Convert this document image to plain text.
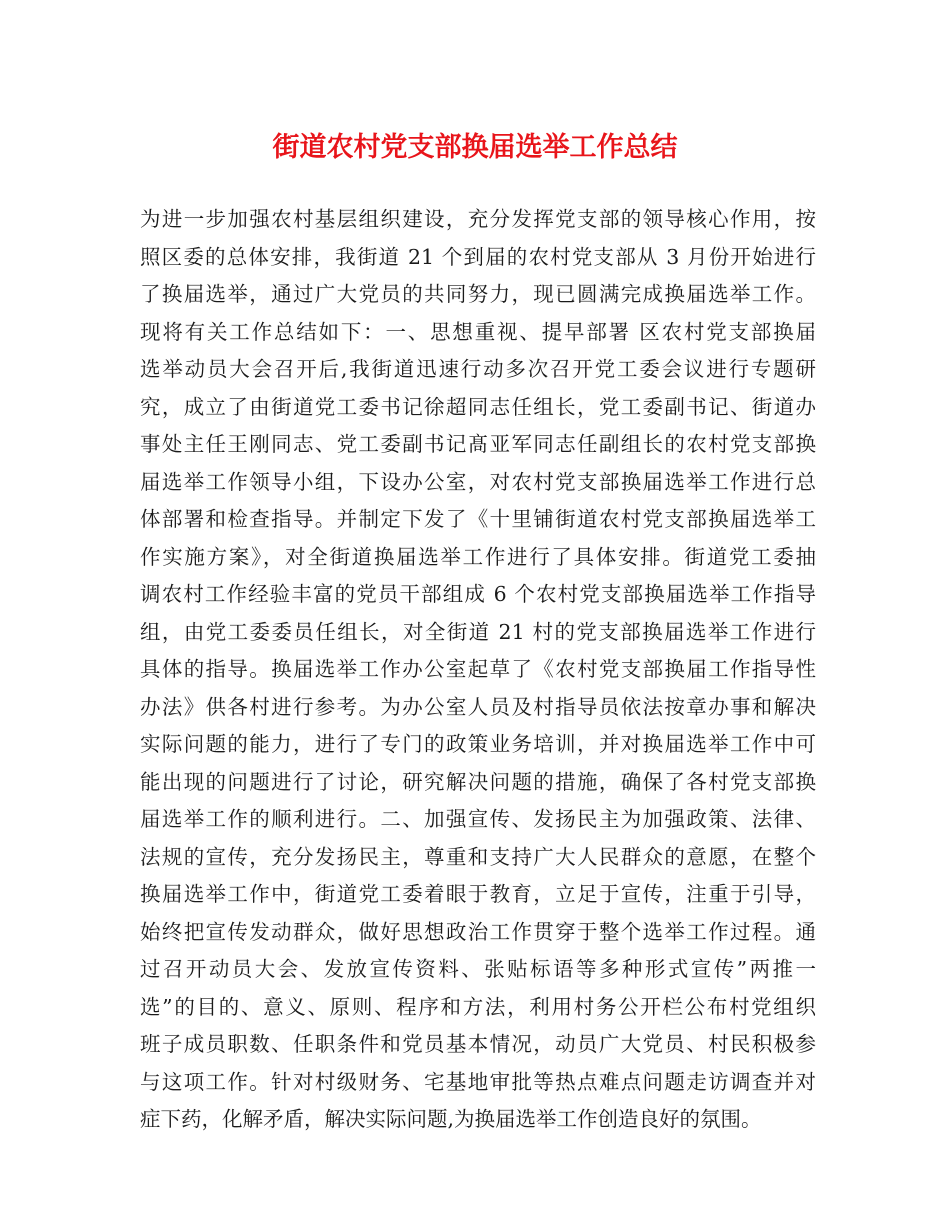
街道农村党支部换届选举工作总结
为进一步加强农村基层组织建设，充分发挥党支部的领导核心作用，按
照区委的总体安排，我街道 21 个到届的农村党支部从 3 月份开始进行
了换届选举，通过广大党员的共同努力，现已圆满完成换届选举工作。
现将有关工作总结如下：一、思想重视、提早部署 区农村党支部换届
选举动员大会召开后,我街道迅速行动多次召开党工委会议进行专题研
究，成立了由街道党工委书记徐超同志任组长，党工委副书记、街道办
事处主任王刚同志、党工委副书记髙亚军同志任副组长的农村党支部换
届选举工作领导小组，下设办公室，对农村党支部换届选举工作进行总
体部署和检查指导。并制定下发了《十里铺街道农村党支部换届选举工
作实施方案》，对全街道换届选举工作进行了具体安排。街道党工委抽
调农村工作经验丰富的党员干部组成 6 个农村党支部换届选举工作指导
组，由党工委委员任组长，对全街道 21 村的党支部换届选举工作进行
具体的指导。换届选举工作办公室起草了《农村党支部换届工作指导性
办法》供各村进行参考。为办公室人员及村指导员依法按章办事和解决
实际问题的能力，进行了专门的政策业务培训，并对换届选举工作中可
能出现的问题进行了讨论，研究解决问题的措施，确保了各村党支部换
届选举工作的顺利进行。二、加强宣传、发扬民主为加强政策、法律、
法规的宣传，充分发扬民主，尊重和支持广大人民群众的意愿，在整个
换届选举工作中，街道党工委着眼于教育，立足于宣传，注重于引导，
始终把宣传发动群众，做好思想政治工作贯穿于整个选举工作过程。通
过召开动员大会、发放宣传资料、张贴标语等多种形式宣传”两推一
选”的目的、意义、原则、程序和方法，利用村务公开栏公布村党组织
班子成员职数、任职条件和党员基本情况，动员广大党员、村民积极参
与这项工作。针对村级财务、宅基地审批等热点难点问题走访调查并对
症下药，化解矛盾，解决实际问题,为换届选举工作创造良好的氛围。
